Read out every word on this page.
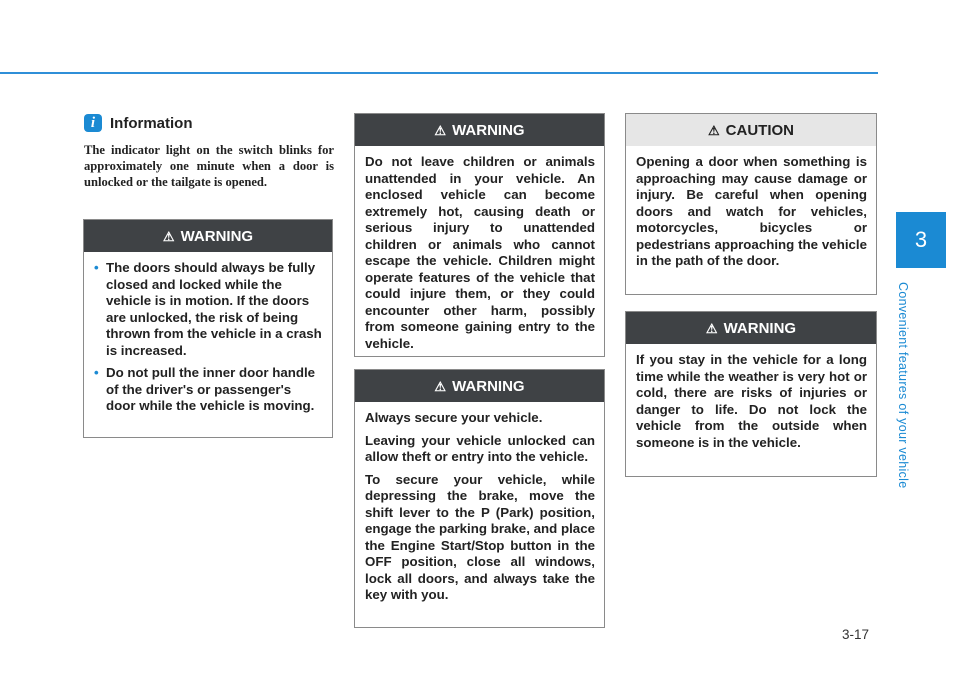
3
Convenient features of your vehicle
3-17
i Information
The indicator light on the switch blinks for approximately one minute when a door is unlocked or the tailgate is opened.
⚠ WARNING
• The doors should always be fully closed and locked while the vehicle is in motion. If the doors are unlocked, the risk of being thrown from the vehicle in a crash is increased.
• Do not pull the inner door handle of the driver's or passenger's door while the vehicle is moving.
⚠ WARNING

Do not leave children or animals unattended in your vehicle. An enclosed vehicle can become extremely hot, causing death or serious injury to unattended children or animals who cannot escape the vehicle. Children might operate features of the vehicle that could injure them, or they could encounter other harm, possibly from someone gaining entry to the vehicle.

⚠ WARNING

Always secure your vehicle.

Leaving your vehicle unlocked can allow theft or entry into the vehicle.

To secure your vehicle, while depressing the brake, move the shift lever to the P (Park) position, engage the parking brake, and place the Engine Start/Stop button in the OFF position, close all windows, lock all doors, and always take the key with you.

⚠ CAUTION

Opening a door when something is approaching may cause damage or injury. Be careful when opening doors and watch for vehicles, motorcycles, bicycles or pedestrians approaching the vehicle in the path of the door.

⚠ WARNING

If you stay in the vehicle for a long time while the weather is very hot or cold, there are risks of injuries or danger to life. Do not lock the vehicle from the outside when someone is in the vehicle.
